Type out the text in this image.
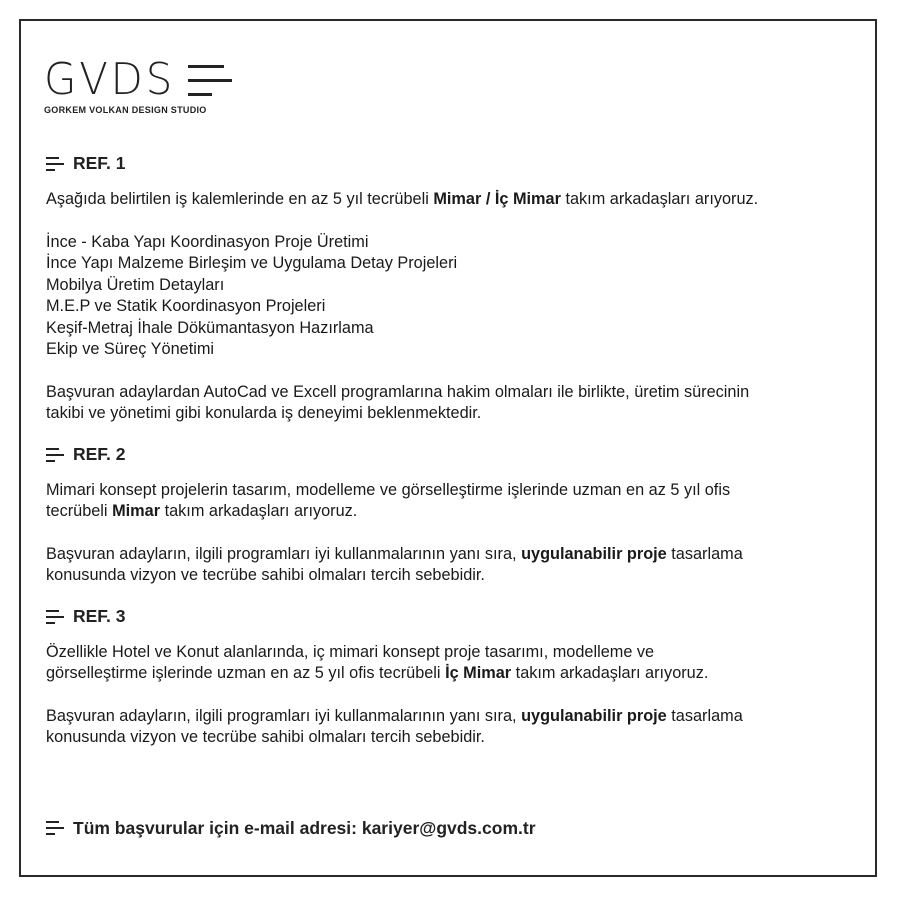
GVDS
GORKEM VOLKAN DESIGN STUDIO
REF. 1

Aşağıda belirtilen iş kalemlerinde en az 5 yıl tecrübeli Mimar / İç Mimar takım arkadaşları arıyoruz.

İnce - Kaba Yapı Koordinasyon Proje Üretimi

İnce Yapı Malzeme Birleşim ve Uygulama Detay Projeleri

Mobilya Üretim Detayları

M.E.P ve Statik Koordinasyon Projeleri

Keşif-Metraj İhale Dökümantasyon Hazırlama

Ekip ve Süreç Yönetimi

Başvuran adaylardan AutoCad ve Excell programlarına hakim olmaları ile birlikte, üretim sürecinin
takibi ve yönetimi gibi konularda iş deneyimi beklenmektedir.

REF. 2

Mimari konsept projelerin tasarım, modelleme ve görselleştirme işlerinde uzman en az 5 yıl ofis
tecrübeli Mimar takım arkadaşları arıyoruz.

Başvuran adayların, ilgili programları iyi kullanmalarının yanı sıra, uygulanabilir proje tasarlama
konusunda vizyon ve tecrübe sahibi olmaları tercih sebebidir.

REF. 3

Özellikle Hotel ve Konut alanlarında, iç mimari konsept proje tasarımı, modelleme ve
görselleştirme işlerinde uzman en az 5 yıl ofis tecrübeli İç Mimar takım arkadaşları arıyoruz.

Başvuran adayların, ilgili programları iyi kullanmalarının yanı sıra, uygulanabilir proje tasarlama
konusunda vizyon ve tecrübe sahibi olmaları tercih sebebidir.

Tüm başvurular için e-mail adresi: kariyer@gvds.com.tr
